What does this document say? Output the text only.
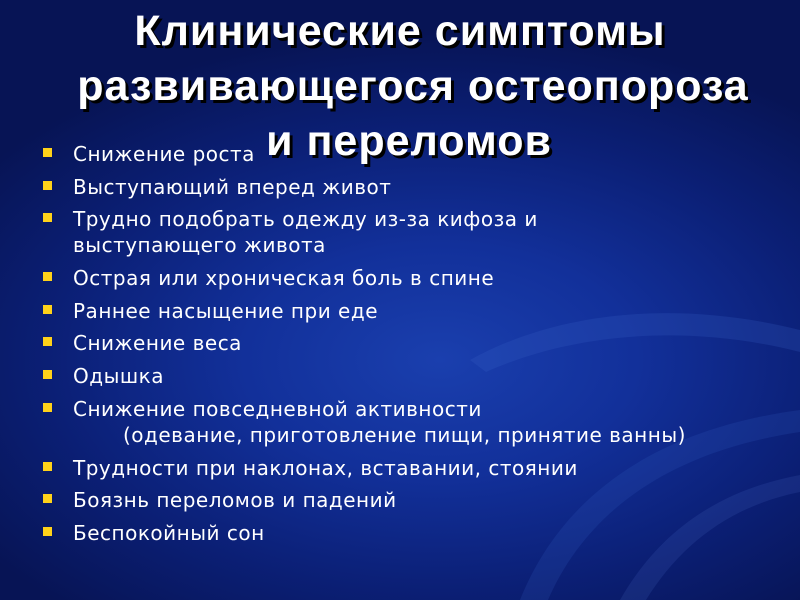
Клинические симптомы
развивающегося остеопороза
и переломов
Снижение роста
Выступающий вперед живот
Трудно подобрать одежду из-за кифоза и выступающего живота
Острая или хроническая боль в спине
Раннее насыщение при еде
Снижение веса
Одышка
Снижение повседневной активности
(одевание, приготовление пищи, принятие ванны)
Трудности при наклонах, вставании, стоянии
Боязнь переломов и падений
Беспокойный сон
